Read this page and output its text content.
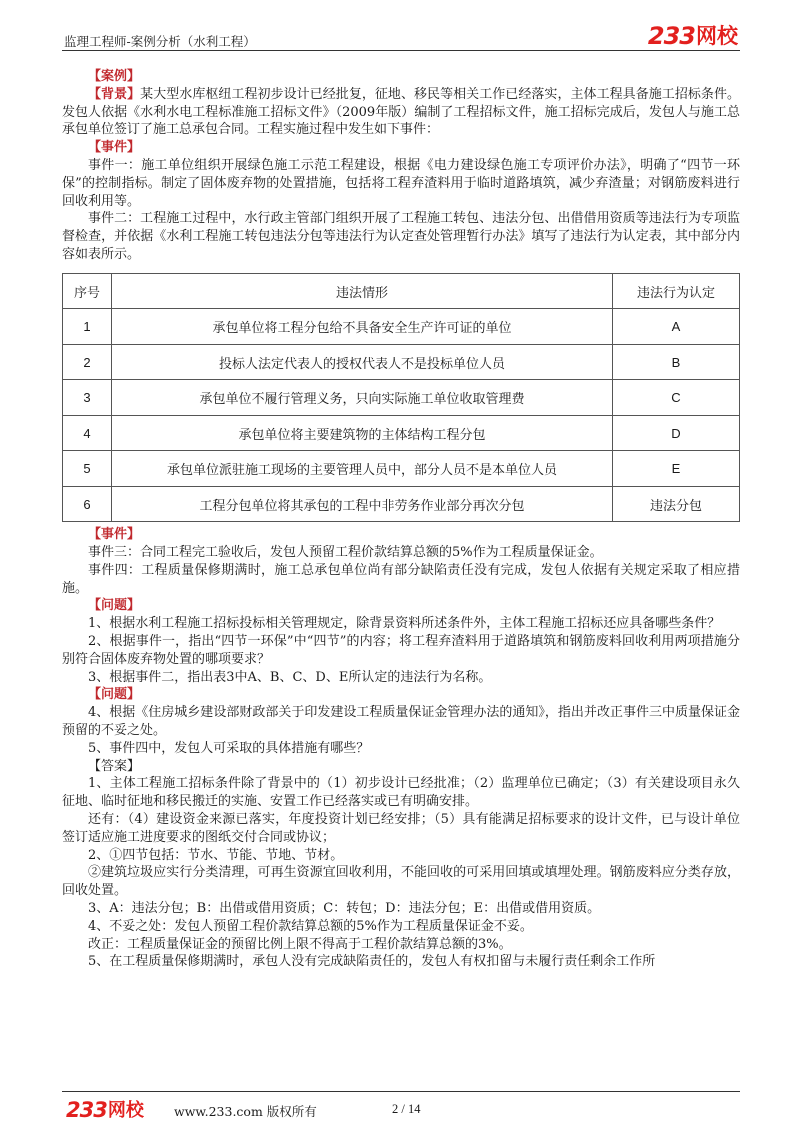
监理工程师-案例分析（水利工程）	233 网校

【案例】

【背景】某大型水库枢纽工程初步设计已经批复，征地、移民等相关工作已经落实，主体工程具备施工招标条件。发包人依据《水利水电工程标准施工招标文件》（2009年版）编制了工程招标文件，施工招标完成后，发包人与施工总承包单位签订了施工总承包合同。工程实施过程中发生如下事件：

【事件】

事件一：施工单位组织开展绿色施工示范工程建设，根据《电力建设绿色施工专项评价办法》，明确了“四节一环保”的控制指标。制定了固体废弃物的处置措施，包括将工程弃渣料用于临时道路填筑，减少弃渣量；对钢筋废料进行回收利用等。

事件二：工程施工过程中，水行政主管部门组织开展了工程施工转包、违法分包、出借借用资质等违法行为专项监督检查，并依据《水利工程施工转包违法分包等违法行为认定查处管理暂行办法》填写了违法行为认定表，其中部分内容如表所示。

序号	违法情形	违法行为认定
1	承包单位将工程分包给不具备安全生产许可证的单位	A
2	投标人法定代表人的授权代表人不是投标单位人员	B
3	承包单位不履行管理义务，只向实际施工单位收取管理费	C
4	承包单位将主要建筑物的主体结构工程分包	D
5	承包单位派驻施工现场的主要管理人员中，部分人员不是本单位人员	E
6	工程分包单位将其承包的工程中非劳务作业部分再次分包	违法分包

【事件】

事件三：合同工程完工验收后，发包人预留工程价款结算总额的5%作为工程质量保证金。

事件四：工程质量保修期满时，施工总承包单位尚有部分缺陷责任没有完成，发包人依据有关规定采取了相应措施。

【问题】

1、根据水利工程施工招标投标相关管理规定，除背景资料所述条件外，主体工程施工招标还应具备哪些条件？

2、根据事件一，指出“四节一环保”中“四节”的内容；将工程弃渣料用于道路填筑和钢筋废料回收利用两项措施分别符合固体废弃物处置的哪项要求？

3、根据事件二，指出表3中A、B、C、D、E所认定的违法行为名称。

【问题】

4、根据《住房城乡建设部财政部关于印发建设工程质量保证金管理办法的通知》，指出并改正事件三中质量保证金预留的不妥之处。

5、事件四中，发包人可采取的具体措施有哪些？

【答案】

1、主体工程施工招标条件除了背景中的（1）初步设计已经批准；（2）监理单位已确定；（3）有关建设项目永久征地、临时征地和移民搬迁的实施、安置工作已经落实或已有明确安排。

还有：（4）建设资金来源已落实，年度投资计划已经安排；（5）具有能满足招标要求的设计文件，已与设计单位签订适应施工进度要求的图纸交付合同或协议；

2、①四节包括：节水、节能、节地、节材。

②建筑垃圾应实行分类清理，可再生资源宜回收利用，不能回收的可采用回填或填埋处理。钢筋废料应分类存放，回收处置。

3、A：违法分包；B：出借或借用资质；C：转包；D：违法分包；E：出借或借用资质。

4、不妥之处：发包人预留工程价款结算总额的5%作为工程质量保证金不妥。

改正：工程质量保证金的预留比例上限不得高于工程价款结算总额的3%。

5、在工程质量保修期满时，承包人没有完成缺陷责任的，发包人有权扣留与未履行责任剩余工作所

233 网校 www.233.com 版权所有	2 / 14
